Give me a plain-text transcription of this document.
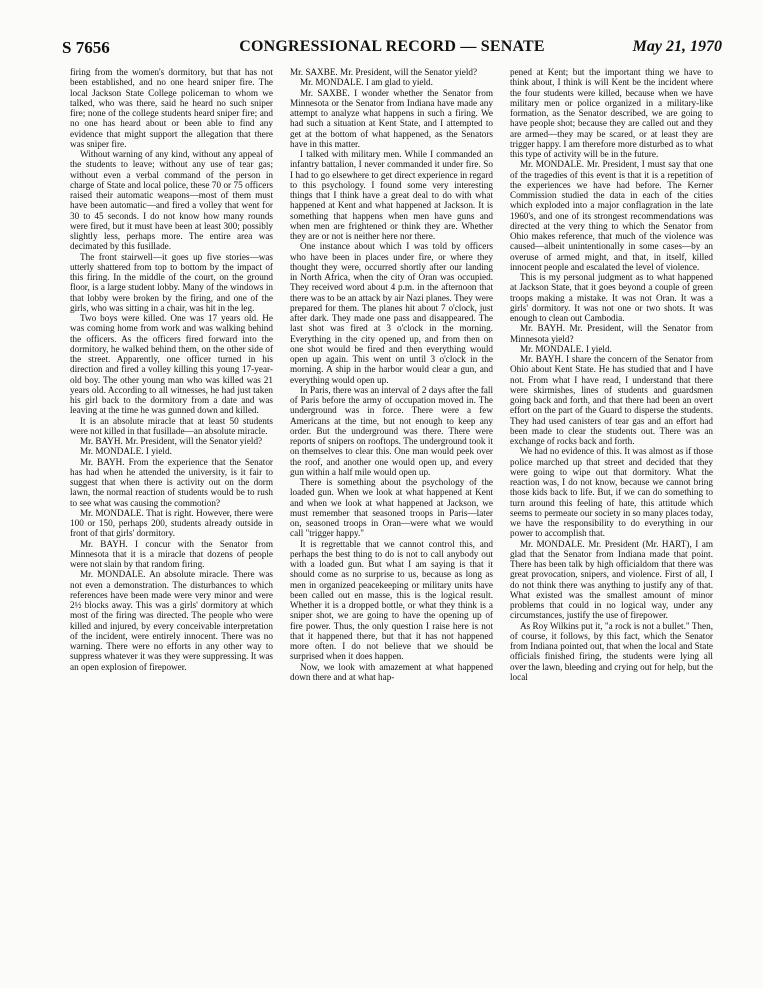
S 7656	CONGRESSIONAL RECORD — SENATE	May 21, 1970

firing from the women's dormitory, but that has not been established, and no one heard sniper fire. The local Jackson State College policeman to whom we talked, who was there, said he heard no such sniper fire; none of the college students heard sniper fire; and no one has heard about or been able to find any evidence that might support the allegation that there was sniper fire.

Without warning of any kind, without any appeal of the students to leave; without any use of tear gas; without even a verbal command of the person in charge of State and local police, these 70 or 75 officers raised their automatic weapons—most of them must have been automatic—and fired a volley that went for 30 to 45 seconds. I do not know how many rounds were fired, but it must have been at least 300; possibly slightly less, perhaps more. The entire area was decimated by this fusillade.

The front stairwell—it goes up five stories—was utterly shattered from top to bottom by the impact of this firing. In the middle of the court, on the ground floor, is a large student lobby. Many of the windows in that lobby were broken by the firing, and one of the girls, who was sitting in a chair, was hit in the leg.

Two boys were killed. One was 17 years old. He was coming home from work and was walking behind the officers. As the officers fired forward into the dormitory, he walked behind them, on the other side of the street. Apparently, one officer turned in his direction and fired a volley killing this young 17-year-old boy. The other young man who was killed was 21 years old. According to all witnesses, he had just taken his girl back to the dormitory from a date and was leaving at the time he was gunned down and killed.

It is an absolute miracle that at least 50 students were not killed in that fusillade—an absolute miracle.

Mr. BAYH. Mr. President, will the Senator yield?

Mr. MONDALE. I yield.

Mr. BAYH. From the experience that the Senator has had when he attended the university, is it fair to suggest that when there is activity out on the dorm lawn, the normal reaction of students would be to rush to see what was causing the commotion?

Mr. MONDALE. That is right. However, there were 100 or 150, perhaps 200, students already outside in front of that girls' dormitory.

Mr. BAYH. I concur with the Senator from Minnesota that it is a miracle that dozens of people were not slain by that random firing.

Mr. MONDALE. An absolute miracle. There was not even a demonstration. The disturbances to which references have been made were very minor and were 2½ blocks away. This was a girls' dormitory at which most of the firing was directed. The people who were killed and injured, by every conceivable interpretation of the incident, were entirely innocent. There was no warning. There were no efforts in any other way to suppress whatever it was they were suppressing. It was an open explosion of firepower.

Mr. SAXBE. Mr. President, will the Senator yield?

Mr. MONDALE. I am glad to yield.

Mr. SAXBE. I wonder whether the Senator from Minnesota or the Senator from Indiana have made any attempt to analyze what happens in such a firing. We had such a situation at Kent State, and I attempted to get at the bottom of what happened, as the Senators have in this matter.

I talked with military men. While I commanded an infantry battalion, I never commanded it under fire. So I had to go elsewhere to get direct experience in regard to this psychology. I found some very interesting things that I think have a great deal to do with what happened at Kent and what happened at Jackson. It is something that happens when men have guns and when men are frightened or think they are. Whether they are or not is neither here nor there.

One instance about which I was told by officers who have been in places under fire, or where they thought they were, occurred shortly after our landing in North Africa, when the city of Oran was occupied. They received word about 4 p.m. in the afternoon that there was to be an attack by air Nazi planes. They were prepared for them. The planes hit about 7 o'clock, just after dark. They made one pass and disappeared. The last shot was fired at 3 o'clock in the morning. Everything in the city opened up, and from then on one shot would be fired and then everything would open up again. This went on until 3 o'clock in the morning. A ship in the harbor would clear a gun, and everything would open up.

In Paris, there was an interval of 2 days after the fall of Paris before the army of occupation moved in. The underground was in force. There were a few Americans at the time, but not enough to keep any order. But the underground was there. There were reports of snipers on rooftops. The underground took it on themselves to clear this. One man would peek over the roof, and another one would open up, and every gun within a half mile would open up.

There is something about the psychology of the loaded gun. When we look at what happened at Kent and when we look at what happened at Jackson, we must remember that seasoned troops in Paris—later on, seasoned troops in Oran—were what we would call "trigger happy."

It is regrettable that we cannot control this, and perhaps the best thing to do is not to call anybody out with a loaded gun. But what I am saying is that it should come as no surprise to us, because as long as men in organized peacekeeping or military units have been called out en masse, this is the logical result. Whether it is a dropped bottle, or what they think is a sniper shot, we are going to have the opening up of fire power. Thus, the only question I raise here is not that it happened there, but that it has not happened more often. I do not believe that we should be surprised when it does happen.

Now, we look with amazement at what happened down there and at what hap-

pened at Kent; but the important thing we have to think about, I think is will Kent be the incident where the four students were killed, because when we have military men or police organized in a military-like formation, as the Senator described, we are going to have people shot; because they are called out and they are armed—they may be scared, or at least they are trigger happy. I am therefore more disturbed as to what this type of activity will be in the future.

Mr. MONDALE. Mr. President, I must say that one of the tragedies of this event is that it is a repetition of the experiences we have had before. The Kerner Commission studied the data in each of the cities which exploded into a major conflagration in the late 1960's, and one of its strongest recommendations was directed at the very thing to which the Senator from Ohio makes reference, that much of the violence was caused—albeit unintentionally in some cases—by an overuse of armed might, and that, in itself, killed innocent people and escalated the level of violence.

This is my personal judgment as to what happened at Jackson State, that it goes beyond a couple of green troops making a mistake. It was not Oran. It was a girls' dormitory. It was not one or two shots. It was enough to clean out Cambodia.

Mr. BAYH. Mr. President, will the Senator from Minnesota yield?

Mr. MONDALE. I yield.

Mr. BAYH. I share the concern of the Senator from Ohio about Kent State. He has studied that and I have not. From what I have read, I understand that there were skirmishes, lines of students and guardsmen going back and forth, and that there had been an overt effort on the part of the Guard to disperse the students. They had used canisters of tear gas and an effort had been made to clear the students out. There was an exchange of rocks back and forth.

We had no evidence of this. It was almost as if those police marched up that street and decided that they were going to wipe out that dormitory. What the reaction was, I do not know, because we cannot bring those kids back to life. But, if we can do something to turn around this feeling of hate, this attitude which seems to permeate our society in so many places today, we have the responsibility to do everything in our power to accomplish that.

Mr. MONDALE. Mr. President (Mr. HART), I am glad that the Senator from Indiana made that point. There has been talk by high officialdom that there was great provocation, snipers, and violence. First of all, I do not think there was anything to justify any of that. What existed was the smallest amount of minor problems that could in no logical way, under any circumstances, justify the use of firepower.

As Roy Wilkins put it, "a rock is not a bullet." Then, of course, it follows, by this fact, which the Senator from Indiana pointed out, that when the local and State officials finished firing, the students were lying all over the lawn, bleeding and crying out for help, but the local
